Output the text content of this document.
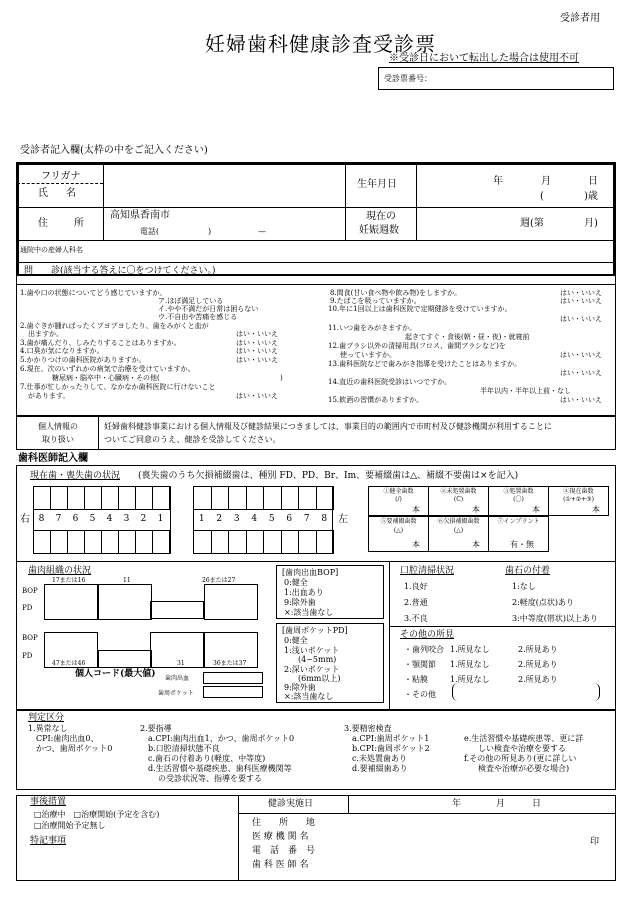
受診者用
妊婦歯科健康診査受診票
※受診日において転出した場合は使用不可
受診票番号：
受診者記入欄(太枠の中をご記入ください)
フリガナ
氏　名
生年月日	年	月	日
(	)歳
住　所
高知県香南市
電話(	)	—
現在の
妊娠週数
週(第	月)
通院中の産婦人科名
問　　診(該当する答えに〇をつけてください。)
1.歯や口の状態についてどう感じていますか。
ア.ほぼ満足している
イ.やや不満だが日常は困らない
ウ.不自由や苦痛を感じる
2.歯ぐきが腫ればったくブヨブヨしたり、歯をみがくと血が
出ますか。	はい・いいえ
3.歯が痛んだり、しみたりすることはありますか。	はい・いいえ
4.口臭が気になりますか。	はい・いいえ
5.かかりつけの歯科医院がありますか。	はい・いいえ
6.現在、次のいずれかの病気で治療を受けていますか。
糖尿病・脳卒中・心臓病・その他(	)
7.仕事が忙しかったりして、なかなか歯科医院に行けないこと
があります。	はい・いいえ
8.間食(甘い食べ物や飲み物)をしますか。	はい・いいえ
9.たばこを吸っていますか。	はい・いいえ
10.年に1回以上は歯科医院で定期健診を受けていますか。
はい・いいえ
11.いつ歯をみがきますか。
起きてすぐ・食後(朝・昼・夜)・就寝前
12.歯ブラシ以外の清掃用具(フロス、歯間ブラシなど)を
使っていますか。	はい・いいえ
13.歯科医院などで歯みがき指導を受けたことはありますか。
はい・いいえ
14.直近の歯科医院受診はいつですか。
半年以内・半年以上前・なし
15.飲酒の習慣がありますか。	はい・いいえ
個人情報の
取り扱い
妊婦歯科健診事業における個人情報及び健診結果につきましては、事業目的の範囲内で市町村及び健診機関が利用することに
ついてご同意のうえ、健診を受診してください。
歯科医師記入欄
現在歯・喪失歯の状況 (喪失歯のうち欠損補綴歯は、種別 FD、PD、Br、Im、要補綴歯は△、補綴不要歯は×を記入)
右	左
歯肉組織の状況
個人コード(最大値) 歯肉出血
歯周ポケット
[歯肉出血BOP]
[歯周ポケットPD]
口腔清掃状況	歯石の付着
その他の所見
判定区分
事後措置
□治療中　□治療開始(予定を含む)
□治療開始予定無し
特記事項
健診実施日	年	月	日
住　　所　　地
医 療 機 関 名
電　話　番　号
歯 科 医 師 名
印
8	7	6	5	4	3	2	1	1	2	3	4	5	6	7	8
①健全歯数
(/)
本
②未処置歯数
(C)
本
③処置歯数
(〇)
本
④現在歯数
(①+②+③)
本
⑤要補綴歯数
(△)
本
⑥欠損補綴歯数
(△)
本
⑦インプラント
有・無
BOP
PD
BOP
PD
17または16	11	26または27
47または46	31	36または37
0:健全
1:出血あり
9:除外歯
×:該当歯なし
0:健全
1:浅いポケット
(4~5mm)
2:深いポケット
(6mm以上)
9:除外歯
×:該当歯なし
1.良好
2.普通
3.不良
1:なし
2:軽度(点状)あり
3:中等度(帯状)以上あり
・歯列咬合 1.所見なし	2.所見あり
・顎関節 1.所見なし	2.所見あり
・粘膜	1.所見なし	2.所見あり
・その他
1.異常なし
CPI:歯肉出血0、
かつ、歯周ポケット0
2.要指導
a.CPI:歯肉出血1、かつ、歯周ポケット0
b.口腔清掃状態不良
c.歯石の付着あり(軽度、中等度)
d.生活習慣や基礎疾患、歯科医療機関等
の受診状況等、指導を要する
3.要精密検査
a.CPI:歯周ポケット1
b.CPI:歯周ポケット2
c.未処置歯あり
d.要補綴歯あり
e.生活習慣や基礎疾患等、更に詳
しい検査や治療を要する
f.その他の所見あり(更に詳しい
検査や治療が必要な場合)
